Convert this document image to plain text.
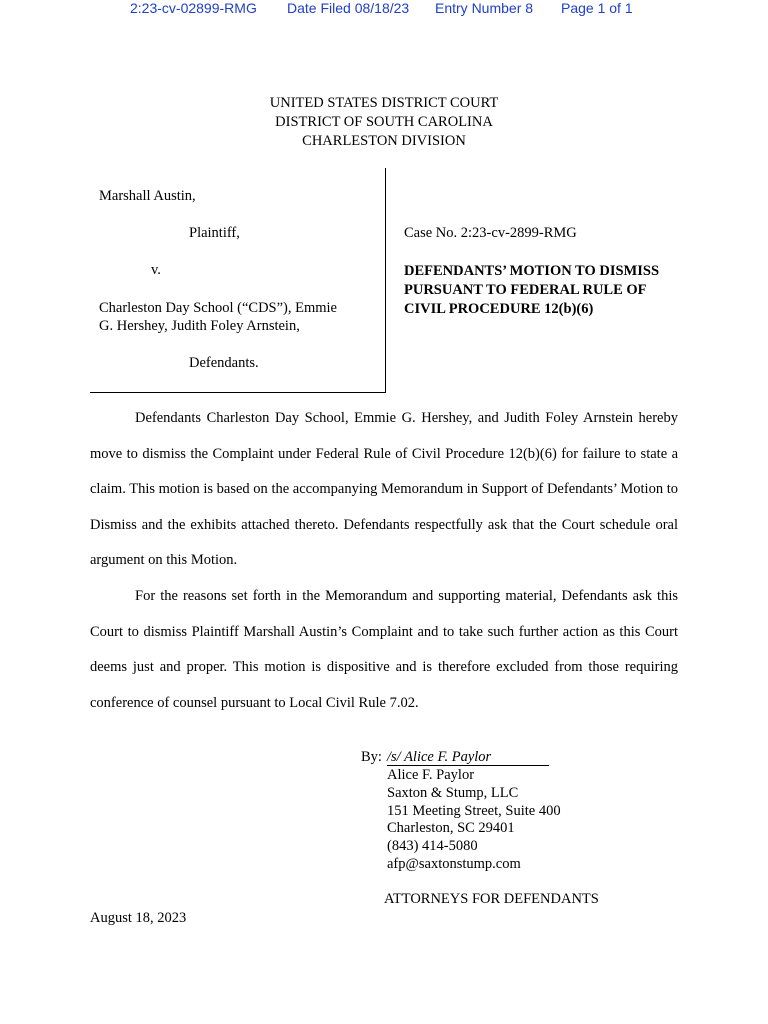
2:23-cv-02899-RMG Date Filed 08/18/23 Entry Number 8 Page 1 of 1
UNITED STATES DISTRICT COURT
DISTRICT OF SOUTH CAROLINA
CHARLESTON DIVISION
Marshall Austin,
Plaintiff,
v.
Charleston Day School (“CDS”), Emmie
G. Hershey, Judith Foley Arnstein,
Defendants.
Case No. 2:23-cv-2899-RMG
DEFENDANTS’ MOTION TO DISMISS
PURSUANT TO FEDERAL RULE OF
CIVIL PROCEDURE 12(b)(6)
Defendants Charleston Day School, Emmie G. Hershey, and Judith Foley Arnstein hereby move to dismiss the Complaint under Federal Rule of Civil Procedure 12(b)(6) for failure to state a claim. This motion is based on the accompanying Memorandum in Support of Defendants’ Motion to Dismiss and the exhibits attached thereto. Defendants respectfully ask that the Court schedule oral argument on this Motion.
For the reasons set forth in the Memorandum and supporting material, Defendants ask this Court to dismiss Plaintiff Marshall Austin’s Complaint and to take such further action as this Court deems just and proper. This motion is dispositive and is therefore excluded from those requiring conference of counsel pursuant to Local Civil Rule 7.02.
By: /s/ Alice F. Paylor
Alice F. Paylor
Saxton & Stump, LLC
151 Meeting Street, Suite 400
Charleston, SC 29401
(843) 414-5080
afp@saxtonstump.com
ATTORNEYS FOR DEFENDANTS
August 18, 2023
